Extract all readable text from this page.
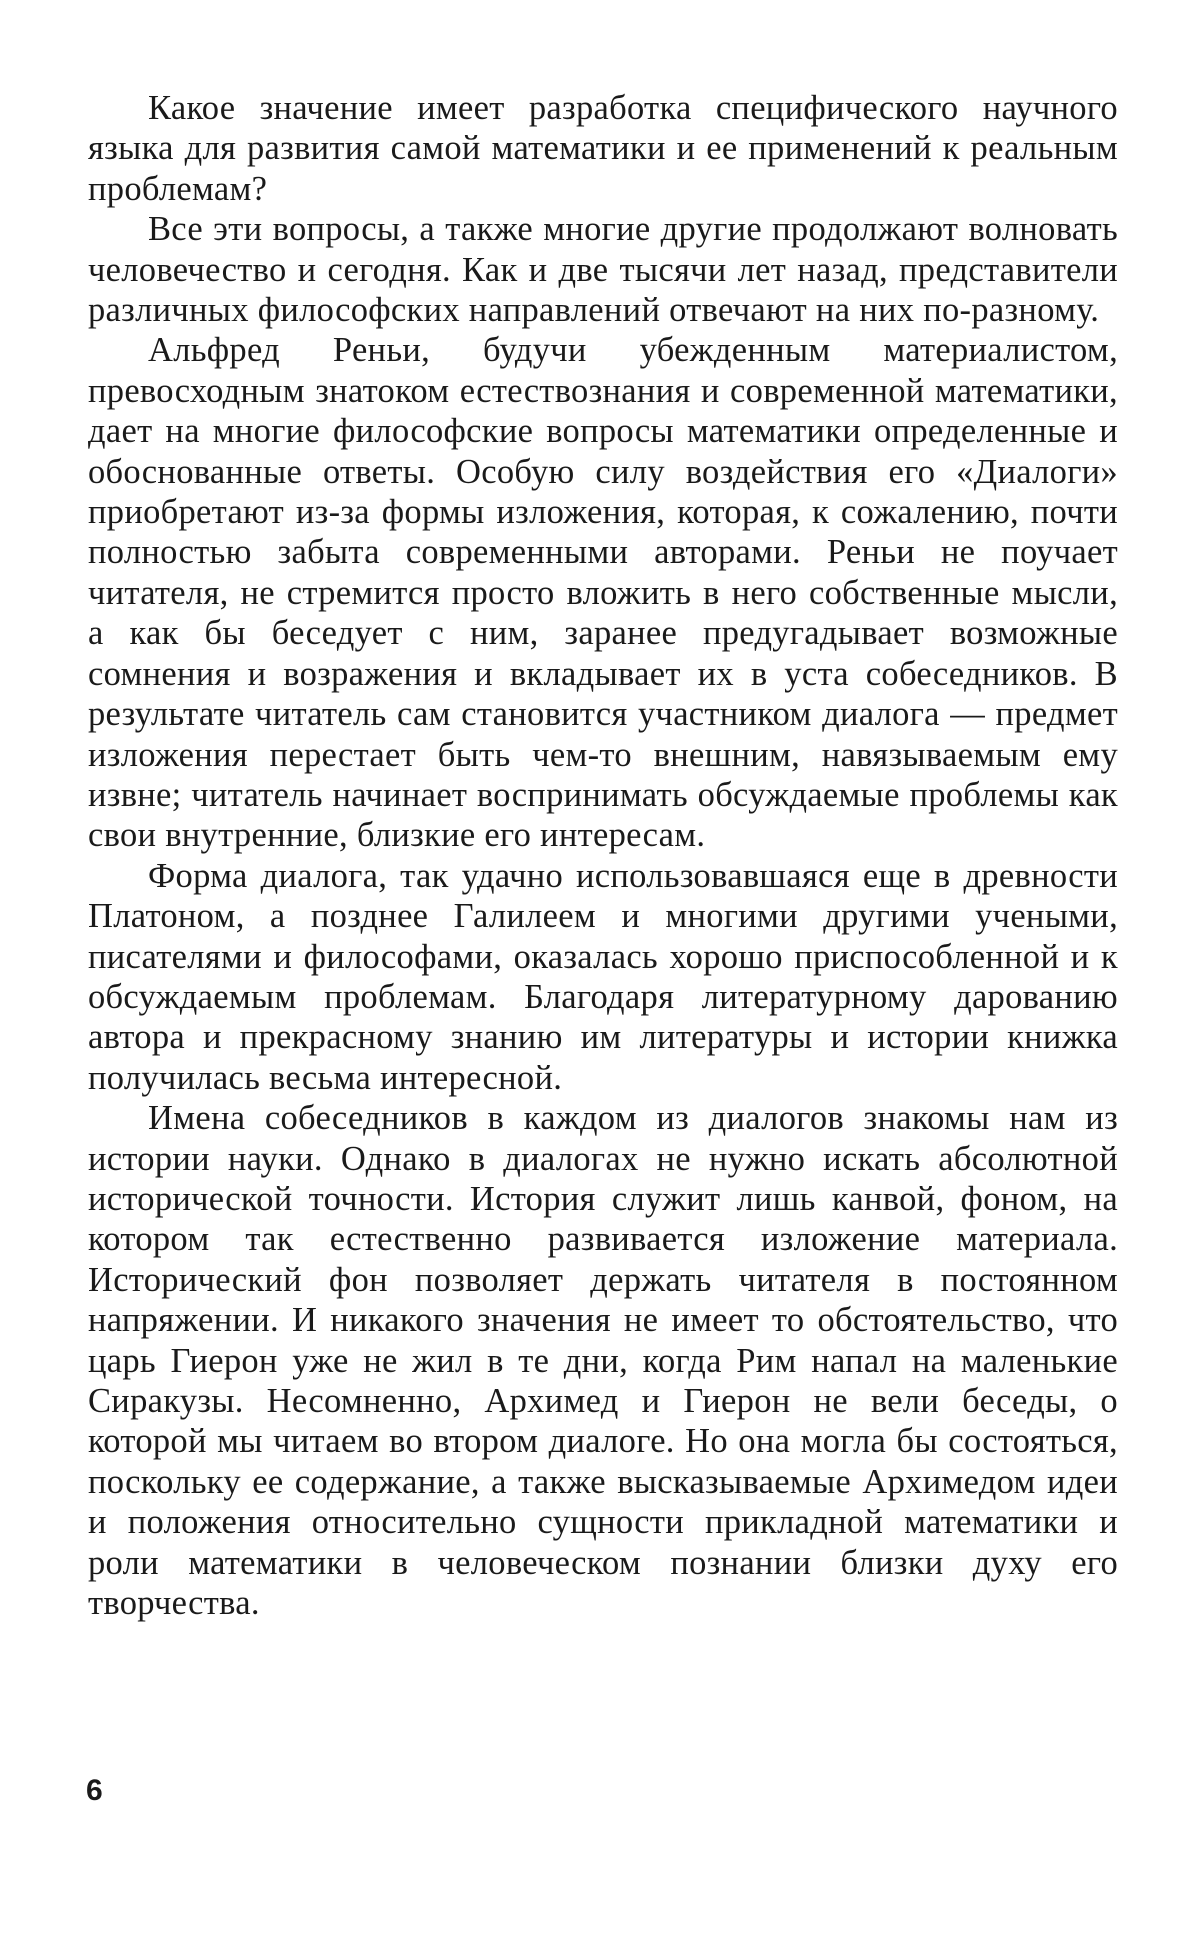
Какое значение имеет разработка специфического научного языка для развития самой математики и ее применений к реальным проблемам?

Все эти вопросы, а также многие другие продолжают волновать человечество и сегодня. Как и две тысячи лет назад, представители различных философских направлений отвечают на них по-разному.

Альфред Реньи, будучи убежденным материалистом, превосходным знатоком естествознания и современной математики, дает на многие философские вопросы математики определенные и обоснованные ответы. Особую силу воздействия его «Диалоги» приобретают из-за формы изложения, которая, к сожалению, почти полностью забыта современными авторами. Реньи не поучает читателя, не стремится просто вложить в него собственные мысли, а как бы беседует с ним, заранее предугадывает возможные сомнения и возражения и вкладывает их в уста собеседников. В результате читатель сам становится участником диалога — предмет изложения перестает быть чем-то внешним, навязываемым ему извне; читатель начинает воспринимать обсуждаемые проблемы как свои внутренние, близкие его интересам.

Форма диалога, так удачно использовавшаяся еще в древности Платоном, а позднее Галилеем и многими другими учеными, писателями и философами, оказалась хорошо приспособленной и к обсуждаемым проблемам. Благодаря литературному дарованию автора и прекрасному знанию им литературы и истории книжка получилась весьма интересной.

Имена собеседников в каждом из диалогов знакомы нам из истории науки. Однако в диалогах не нужно искать абсолютной исторической точности. История служит лишь канвой, фоном, на котором так естественно развивается изложение материала. Исторический фон позволяет держать читателя в постоянном напряжении. И никакого значения не имеет то обстоятельство, что царь Гиерон уже не жил в те дни, когда Рим напал на маленькие Сиракузы. Несомненно, Архимед и Гиерон не вели беседы, о которой мы читаем во втором диалоге. Но она могла бы состояться, поскольку ее содержание, а также высказываемые Архимедом идеи и положения относительно сущности прикладной математики и роли математики в человеческом познании близки духу его творчества.

6
